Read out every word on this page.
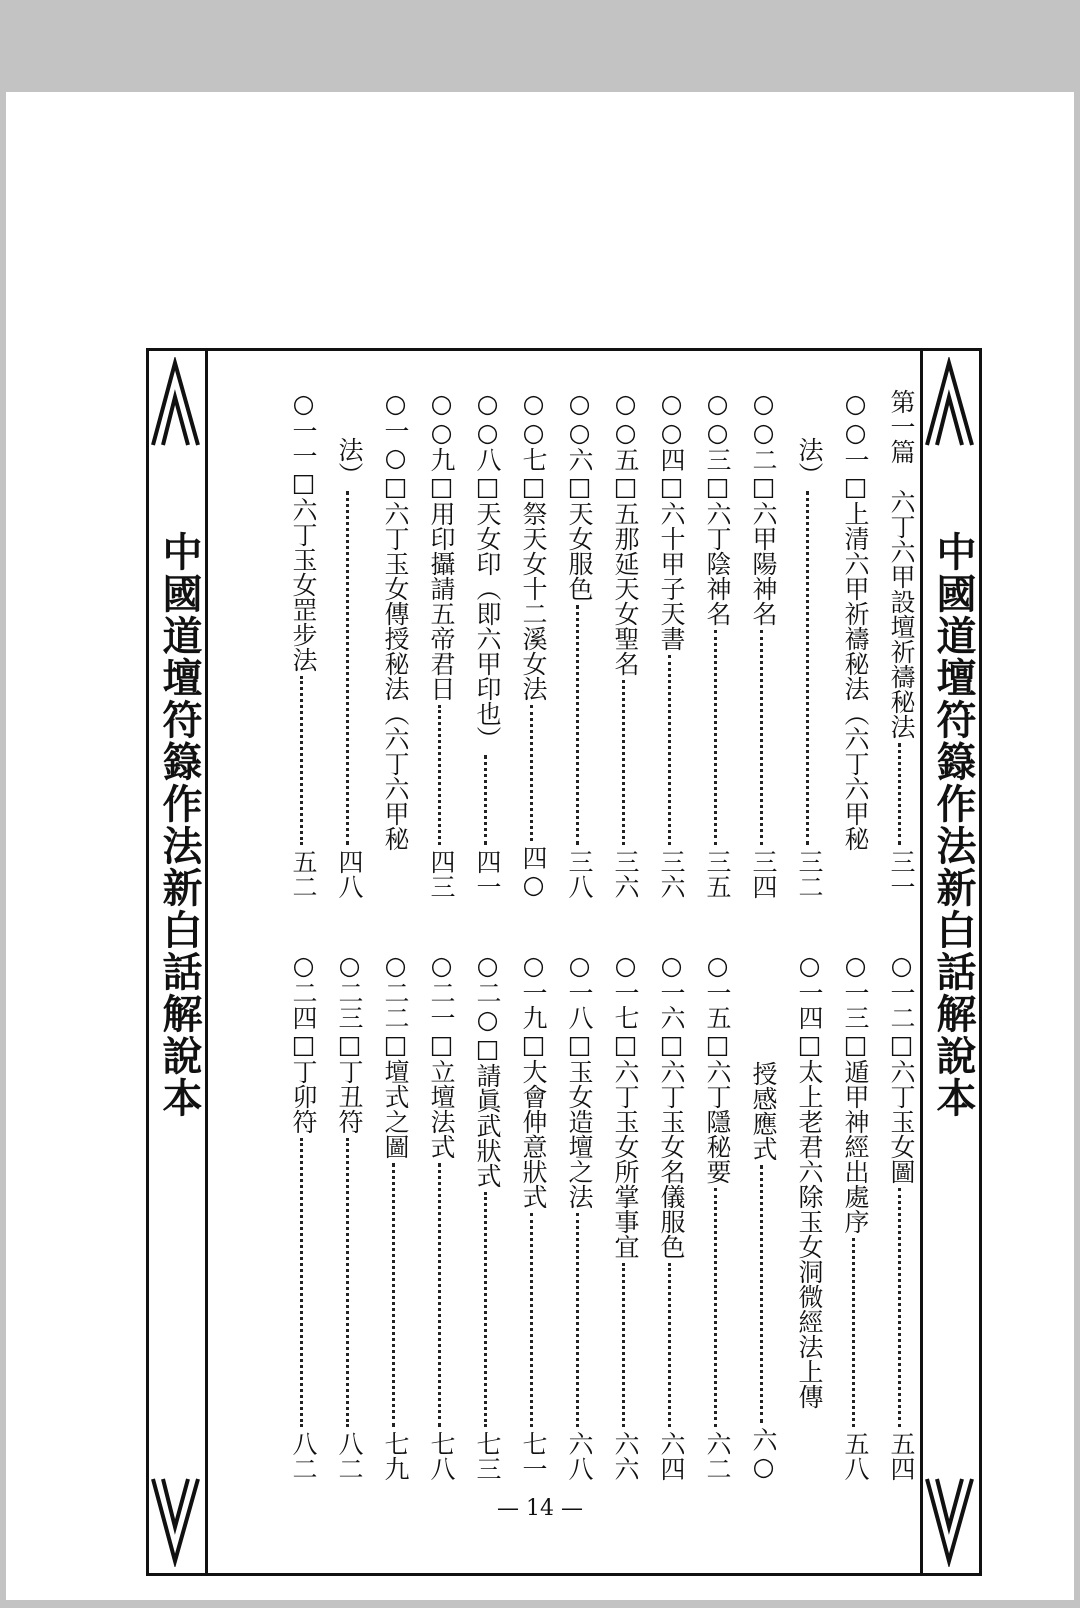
中國道壇符籙作法新白話解說本
中國道壇符籙作法新白話解說本	第一篇　六丁六甲設壇祈禱秘法
三一
○○一□上清六甲祈禱秘法（六丁六甲秘
法）
三二
○○二□六甲陽神名
三四
○○三□六丁陰神名
三五
○○四□六十甲子天書
三六
○○五□五那延天女聖名
三六
○○六□天女服色
三八
○○七□祭天女十二溪女法
四○
○○八□天女印（即六甲印也）
四一
○○九□用印攝請五帝君日
四三
○一○□六丁玉女傳授秘法（六丁六甲秘
法）
四八
○一一□六丁玉女罡步法
五二
○一二□六丁玉女圖
五四
○一三□遁甲神經出處序
五八
○一四□太上老君六除玉女洞微經法上傳
授感應式
六○
○一五□六丁隱秘要
六二
○一六□六丁玉女名儀服色
六四
○一七□六丁玉女所掌事宜
六六
○一八□玉女造壇之法
六八
○一九□大會伸意狀式
七一
○二○□請眞武狀式
七三
○二一□立壇法式
七八
○二二□壇式之圖
七九
○二三□丁丑符
八二
○二四□丁卯符
八二
— 14 —
